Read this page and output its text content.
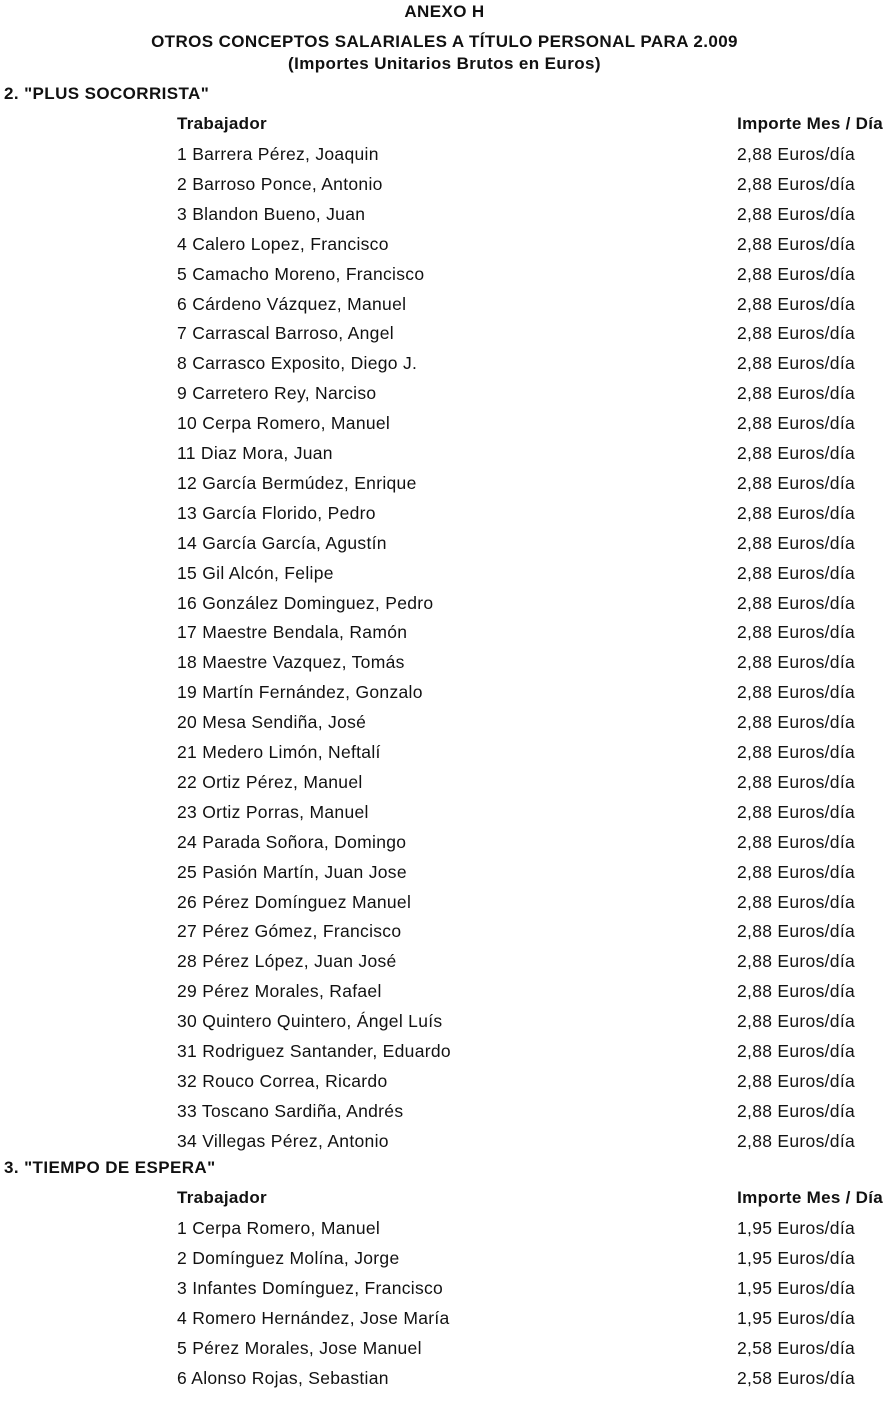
ANEXO H
OTROS CONCEPTOS SALARIALES A TÍTULO PERSONAL PARA 2.009
(Importes Unitarios Brutos en Euros)
2. "PLUS SOCORRISTA"
Trabajador	Importe Mes / Día
1 Barrera Pérez, Joaquin	2,88 Euros/día
2 Barroso Ponce, Antonio	2,88 Euros/día
3 Blandon Bueno, Juan	2,88 Euros/día
4 Calero Lopez, Francisco	2,88 Euros/día
5 Camacho Moreno, Francisco	2,88 Euros/día
6 Cárdeno Vázquez, Manuel	2,88 Euros/día
7 Carrascal Barroso, Angel	2,88 Euros/día
8 Carrasco Exposito, Diego J.	2,88 Euros/día
9 Carretero Rey, Narciso	2,88 Euros/día
10 Cerpa Romero, Manuel	2,88 Euros/día
11 Diaz Mora, Juan	2,88 Euros/día
12 García Bermúdez, Enrique	2,88 Euros/día
13 García Florido, Pedro	2,88 Euros/día
14 García García, Agustín	2,88 Euros/día
15 Gil Alcón, Felipe	2,88 Euros/día
16 González Dominguez, Pedro	2,88 Euros/día
17 Maestre Bendala, Ramón	2,88 Euros/día
18 Maestre Vazquez, Tomás	2,88 Euros/día
19 Martín Fernández, Gonzalo	2,88 Euros/día
20 Mesa Sendiña, José	2,88 Euros/día
21 Medero Limón, Neftalí	2,88 Euros/día
22 Ortiz Pérez, Manuel	2,88 Euros/día
23 Ortiz Porras, Manuel	2,88 Euros/día
24 Parada Soñora, Domingo	2,88 Euros/día
25 Pasión Martín, Juan Jose	2,88 Euros/día
26 Pérez Domínguez Manuel	2,88 Euros/día
27 Pérez Gómez, Francisco	2,88 Euros/día
28 Pérez López, Juan José	2,88 Euros/día
29 Pérez Morales, Rafael	2,88 Euros/día
30 Quintero Quintero, Ángel Luís	2,88 Euros/día
31 Rodriguez Santander, Eduardo	2,88 Euros/día
32 Rouco Correa, Ricardo	2,88 Euros/día
33 Toscano Sardiña, Andrés	2,88 Euros/día
34 Villegas Pérez, Antonio	2,88 Euros/día
3. "TIEMPO DE ESPERA"
Trabajador	Importe Mes / Día
1 Cerpa Romero, Manuel	1,95 Euros/día
2 Domínguez Molína, Jorge	1,95 Euros/día
3 Infantes Domínguez, Francisco	1,95 Euros/día
4 Romero Hernández, Jose María	1,95 Euros/día
5 Pérez Morales, Jose Manuel	2,58 Euros/día
6 Alonso Rojas, Sebastian	2,58 Euros/día
